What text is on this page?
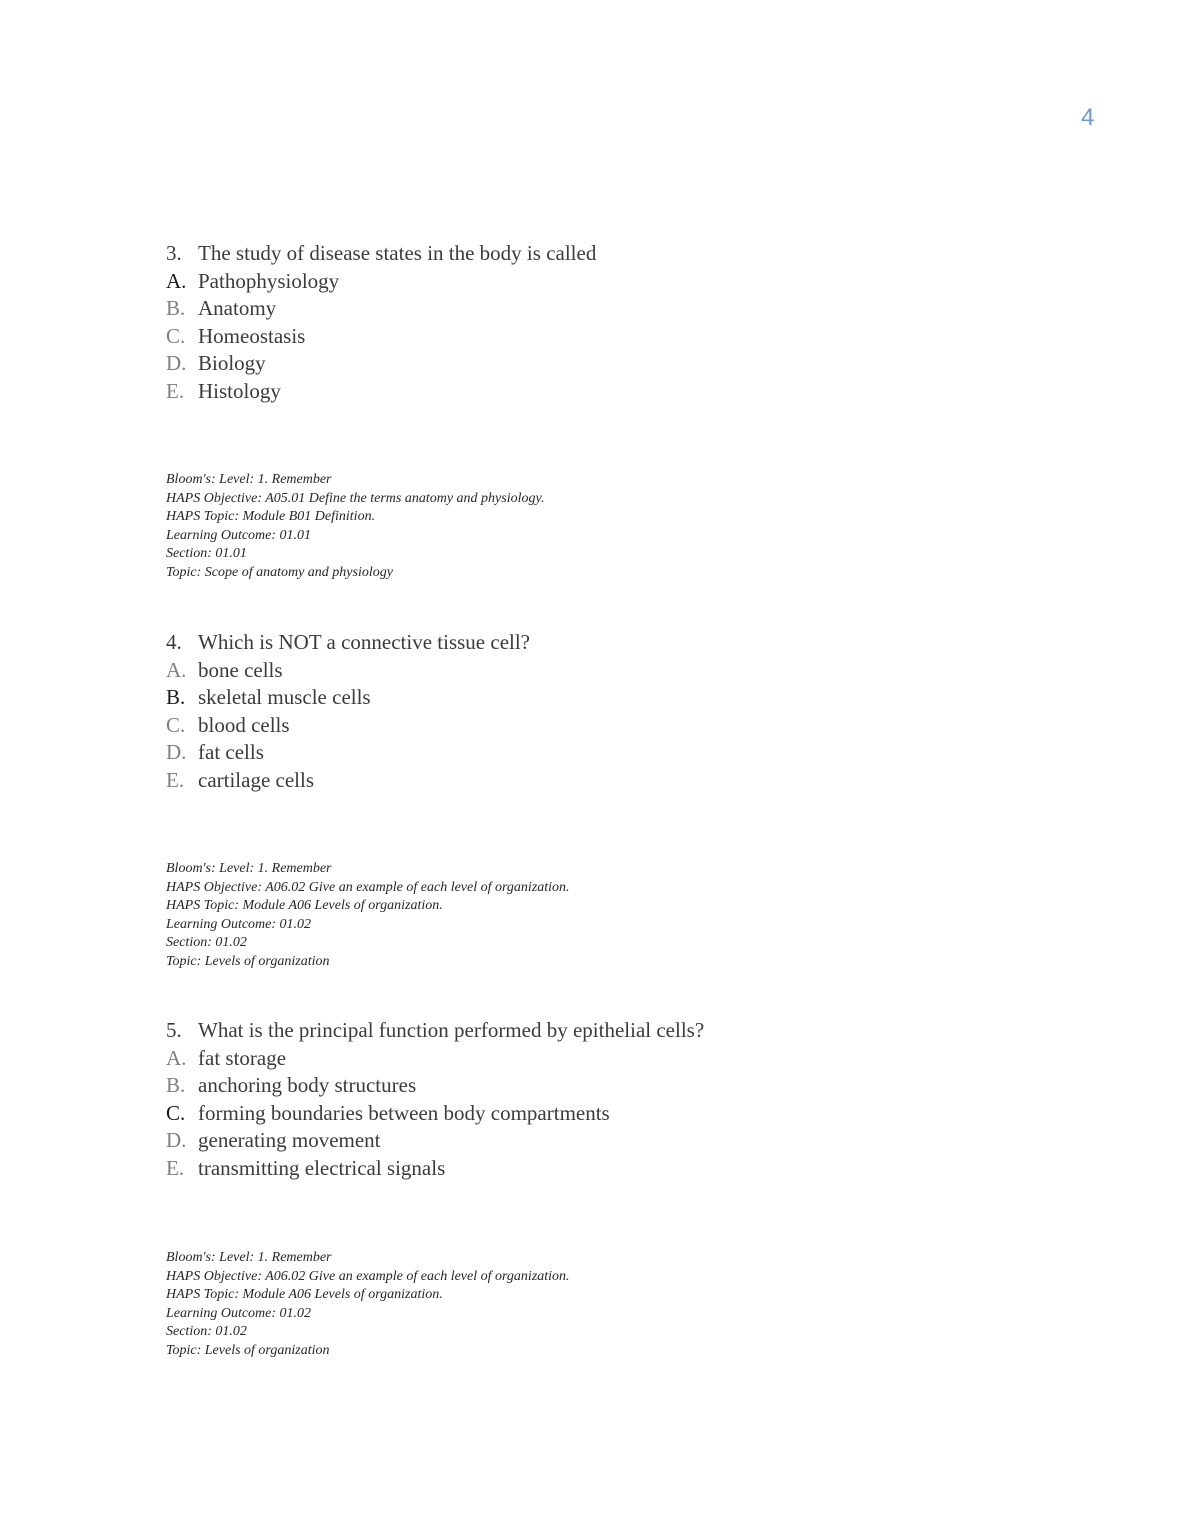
4
3. The study of disease states in the body is called
A. Pathophysiology
B. Anatomy
C. Homeostasis
D. Biology
E. Histology
Bloom's: Level: 1. Remember
HAPS Objective: A05.01 Define the terms anatomy and physiology.
HAPS Topic: Module B01 Definition.
Learning Outcome: 01.01
Section: 01.01
Topic: Scope of anatomy and physiology
4. Which is NOT a connective tissue cell?
A. bone cells
B. skeletal muscle cells
C. blood cells
D. fat cells
E. cartilage cells
Bloom's: Level: 1. Remember
HAPS Objective: A06.02 Give an example of each level of organization.
HAPS Topic: Module A06 Levels of organization.
Learning Outcome: 01.02
Section: 01.02
Topic: Levels of organization
5. What is the principal function performed by epithelial cells?
A. fat storage
B. anchoring body structures
C. forming boundaries between body compartments
D. generating movement
E. transmitting electrical signals
Bloom's: Level: 1. Remember
HAPS Objective: A06.02 Give an example of each level of organization.
HAPS Topic: Module A06 Levels of organization.
Learning Outcome: 01.02
Section: 01.02
Topic: Levels of organization
